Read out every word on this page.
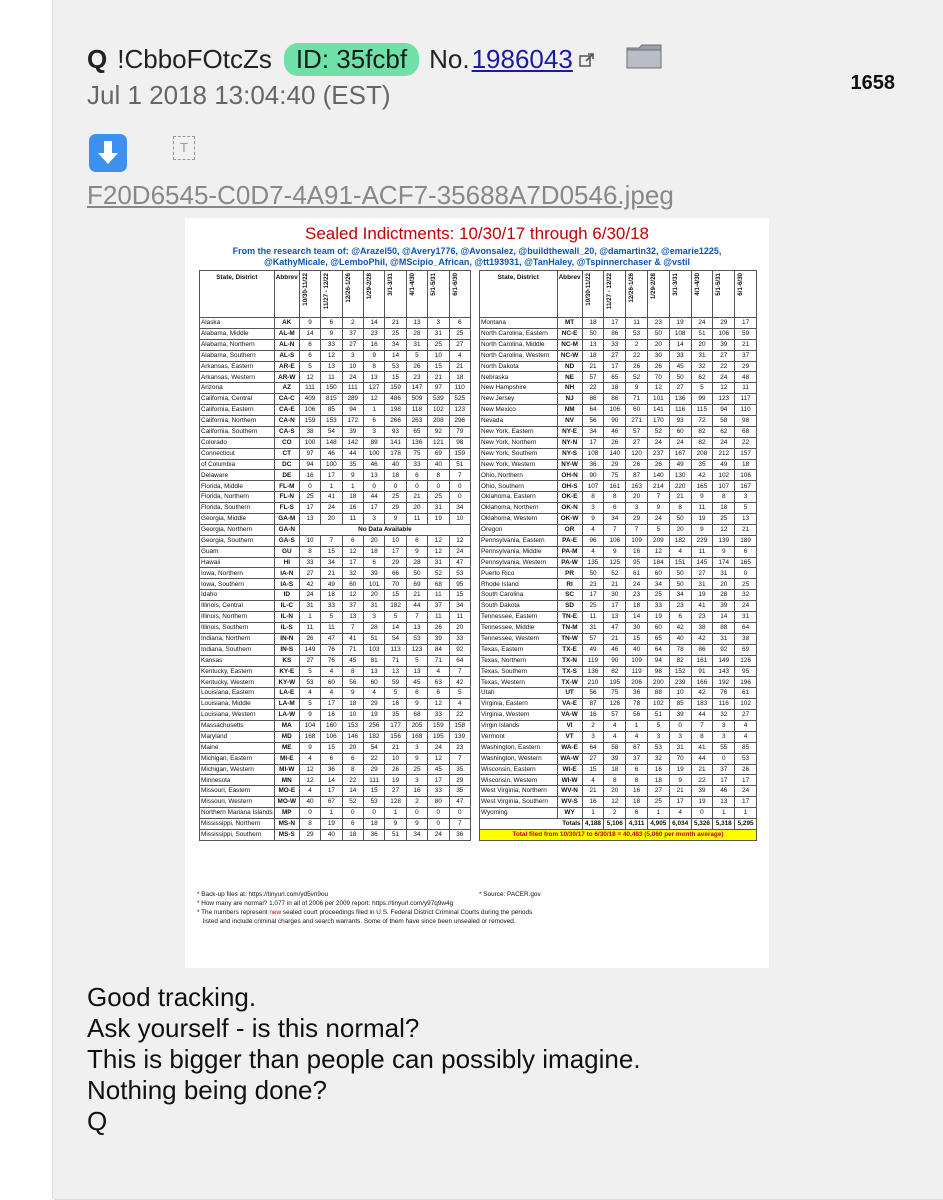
Q !CbboFOtcZs ID: 35fcbf No. 1986043
Jul 1 2018 13:04:40 (EST)	1658
T
F20D6545-C0D7-4A91-ACF7-35688A7D0546.jpeg
Sealed Indictments: 10/30/17 through 6/30/18
From the research team of: @Arazel50, @Avery1776, @Avonsalez, @buildthewall_20, @damartin32, @emarie1225, @KathyMicale, @LemboPhil, @MScipio_African, @tt193931, @TanHaley, @Tspinnerchaser & @vstil
State, District	Abbrev	10/30-11/22	11/27 - 12/22	12/26-1/26	1/29-2/28	3/1-3/31	4/1-4/30	5/1-5/31	6/1-6/30

Alaska	AK	9	6	2	14	21	13	3	6
Alabama, Middle	AL-M	14	9	37	23	25	28	31	25
Alabama, Northern	AL-N	6	33	27	16	34	31	25	27
Alabama, Southern	AL-S	6	12	3	9	14	5	10	4
Arkansas, Eastern	AR-E	5	13	10	8	53	26	15	21
Arkansas, Western	AR-W	12	11	24	13	15	23	21	18
Arizona	AZ	111	150	111	127	159	147	97	110
California, Central	CA-C	409	815	289	12	486	509	539	525
California, Eastern	CA-E	106	85	94	1	198	118	102	123
California, Northern	CA-N	159	153	172	6	266	263	208	296
California, Southern	CA-S	38	54	39	3	93	65	92	79
Colorado	CO	100	148	142	89	141	136	121	98
Connecticut	CT	97	46	44	100	178	75	69	159
of Columbia	DC	94	100	35	46	40	33	40	51
Delaware	DE	16	17	9	13	18	6	8	7
Florida, Middle	FL-M	0	1	1	0	0	0	0	0
Florida, Northern	FL-N	25	41	18	44	25	21	25	0
Florida, Southern	FL-S	17	24	16	17	29	20	31	34
Georgia, Middle	GA-M	13	20	11	3	9	11	19	10
Georgia, Northern	GA-N	No Data Available							
Georgia, Southern	GA-S	10	7	6	20	10	6	12	12
Guam	GU	8	15	12	18	17	9	12	24
Hawaii	HI	33	34	17	6	29	28	31	47
Iowa, Northern	IA-N	27	21	32	39	66	50	52	53
Iowa, Southern	IA-S	42	49	60	101	70	69	68	95
Idaho	ID	24	18	12	20	15	21	11	15
Illinois, Central	IL-C	31	33	37	31	182	44	37	34
Illinois, Northern	IL-N	1	5	13	3	5	7	11	11
Illinois, Southern	IL-S	11	11	7	28	14	13	26	20
Indiana, Northern	IN-N	26	47	41	51	54	53	39	33
Indiana, Southern	IN-S	149	76	71	103	113	123	84	92
Kansas	KS	27	76	45	81	71	5	71	64
Kentucky, Eastern	KY-E	5	4	8	13	13	13	4	7
Kentucky, Western	KY-W	53	60	56	60	59	45	63	42
Louisiana, Eastern	LA-E	4	4	9	4	5	6	6	5
Louisiana, Middle	LA-M	5	17	18	29	16	9	12	4
Louisiana, Western	LA-W	9	16	10	19	35	68	33	22
Massachusetts	MA	104	160	153	256	177	205	159	158
Maryland	MD	168	106	146	182	156	168	195	139
Maine	ME	9	15	20	54	21	3	24	23
Michigan, Eastern	MI-E	4	6	6	22	10	9	12	7
Michigan, Western	MI-W	12	36	8	29	26	25	45	35
Minnesota	MN	12	14	22	111	19	3	17	29
Missouri, Eastern	MO-E	4	17	14	15	27	16	33	35
Missouri, Western	MO-W	40	67	52	53	128	2	80	47
Northern Mariana Islands	MP	0	1	0	0	1	0	0	0
Mississippi, Northern	MS-N	8	19	6	18	9	9	0	7
Mississippi, Southern	MS-S	29	40	18	36	51	34	24	36
State, District	Abbrev	10/30-11/22	11/27 - 12/22	12/26-1/26	1/29-2/28	3/1-3/31	4/1-4/30	5/1-5/31	6/1-6/30

Montana	MT	18	17	11	23	19	24	29	17
North Carolina, Eastern	NC-E	50	86	53	50	108	51	106	59
North Carolina, Middle	NC-M	13	33	2	20	14	20	39	21
North Carolina, Western	NC-W	18	27	22	30	33	31	27	37
North Dakota	ND	21	17	26	26	45	32	22	29
Nebraska	NE	57	65	52	70	50	62	24	48
New Hampshire	NH	22	18	9	12	27	5	12	11
New Jersey	NJ	86	86	71	101	136	99	123	117
New Mexico	NM	64	106	60	141	116	115	94	110
Nevada	NV	56	90	271	170	93	72	58	98
New York, Eastern	NY-E	34	46	57	52	60	82	62	68
New York, Northern	NY-N	17	26	27	24	24	82	24	22
New York, Southern	NY-S	108	140	120	237	167	208	212	157
New York, Western	NY-W	36	29	26	26	49	35	49	18
Ohio, Northern	OH-N	90	75	87	140	130	42	102	106
Ohio, Southern	OH-S	107	161	163	214	220	165	107	167
Oklahoma, Eastern	OK-E	8	8	20	7	21	9	8	3
Oklahoma, Northern	OK-N	3	6	3	9	8	11	18	5
Oklahoma, Western	OK-W	9	34	29	24	50	19	25	13
Oregon	OR	4	7	7	5	20	9	12	21
Pennsylvania, Eastern	PA-E	96	106	109	209	182	229	139	189
Pennsylvania, Middle	PA-M	4	9	16	12	4	11	9	6
Pennsylvania, Western	PA-W	135	125	95	184	151	145	174	165
Puerto Rico	PR	50	52	61	60	50	27	31	0
Rhode Island	RI	23	21	24	34	50	31	20	25
South Carolina	SC	17	30	23	25	34	19	28	32
South Dakota	SD	25	17	18	33	23	41	39	24
Tennessee, Eastern	TN-E	11	13	14	19	6	23	14	31
Tennessee, Middle	TN-M	31	47	30	60	42	38	88	64
Tennessee, Western	TN-W	57	21	15	65	40	42	31	38
Texas, Eastern	TX-E	49	46	40	64	78	86	92	69
Texas, Northern	TX-N	119	90	109	94	82	161	149	126
Texas, Southern	TX-S	136	82	119	98	152	91	143	95
Texas, Western	TX-W	210	195	206	200	239	166	192	196
Utah	UT	56	75	36	88	10	42	76	61
Virginia, Eastern	VA-E	87	126	78	102	85	183	116	102
Virginia, Western	VA-W	16	57	56	51	39	44	32	27
Virgin Islands	VI	2	4	1	5	0	7	3	4
Vermont	VT	3	4	4	3	3	8	3	4
Washington, Eastern	WA-E	64	58	67	53	31	41	55	85
Washington, Western	WA-W	27	39	37	32	70	44	0	53
Wisconsin, Eastern	WI-E	15	18	6	16	19	21	37	26
Wisconsin, Western	WI-W	4	8	8	18	9	22	17	17
West Virginia, Northern	WV-N	21	20	16	27	21	39	46	24
West Virginia, Southern	WV-S	16	12	18	25	17	19	13	17
Wyoming	WY	1	2	6	1	4	0	1	1
Totals		4,188	5,106	4,311	4,905	6,034	5,326	5,318	5,295
Total filed from 10/30/17 to 6/30/18 = 40,483 (5,060 per month average)									
* Back-up files at: https://tinyurl.com/yd5vn9ou	* Source: PACER.gov
* How many are normal? 1,077 in all of 2006 per 2009 report: https://tinyurl.com/y97q9w4g
* The numbers represent new sealed court proceedings filed in U.S. Federal District Criminal Courts during the periods
listed and include criminal charges and search warrants. Some of them have since been unsealed or removed.
Good tracking.
Ask yourself - is this normal?
This is bigger than people can possibly imagine.
Nothing being done?
Q
